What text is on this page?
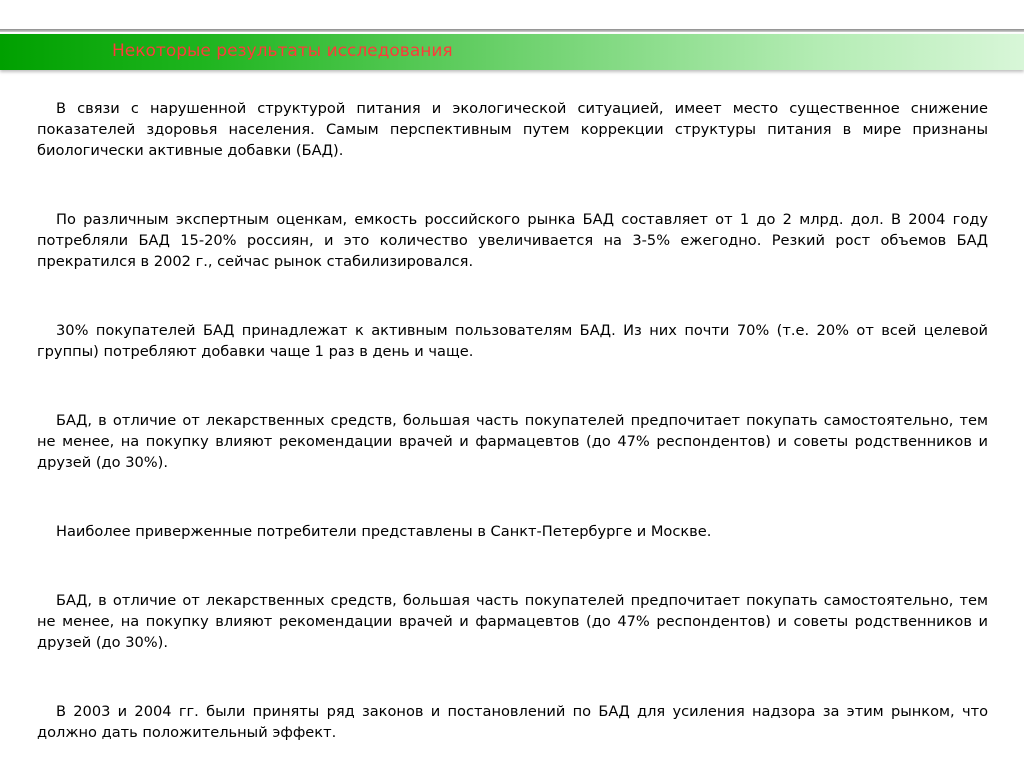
Некоторые результаты исследования

В связи с нарушенной структурой питания и экологической ситуацией, имеет место существенное снижение показателей здоровья населения. Самым перспективным путем коррекции структуры питания в мире признаны биологически активные добавки (БАД).

По различным экспертным оценкам, емкость российского рынка БАД составляет от 1 до 2 млрд. дол. В 2004 году потребляли БАД 15-20% россиян, и это количество увеличивается на 3-5% ежегодно. Резкий рост объемов БАД прекратился в 2002 г., сейчас рынок стабилизировался.

30% покупателей БАД принадлежат к активным пользователям БАД. Из них почти 70% (т.е. 20% от всей целевой группы) потребляют добавки чаще 1 раз в день и чаще.

БАД, в отличие от лекарственных средств, большая часть покупателей предпочитает покупать самостоятельно, тем не менее, на покупку влияют рекомендации врачей и фармацевтов (до 47% респондентов) и советы родственников и друзей (до 30%).

Наиболее приверженные потребители представлены в Санкт-Петербурге и Москве.

БАД, в отличие от лекарственных средств, большая часть покупателей предпочитает покупать самостоятельно, тем не менее, на покупку влияют рекомендации врачей и фармацевтов (до 47% респондентов) и советы родственников и друзей (до 30%).

В 2003 и 2004 гг. были приняты ряд законов и постановлений по БАД для усиления надзора за этим рынком, что должно дать положительный эффект.
